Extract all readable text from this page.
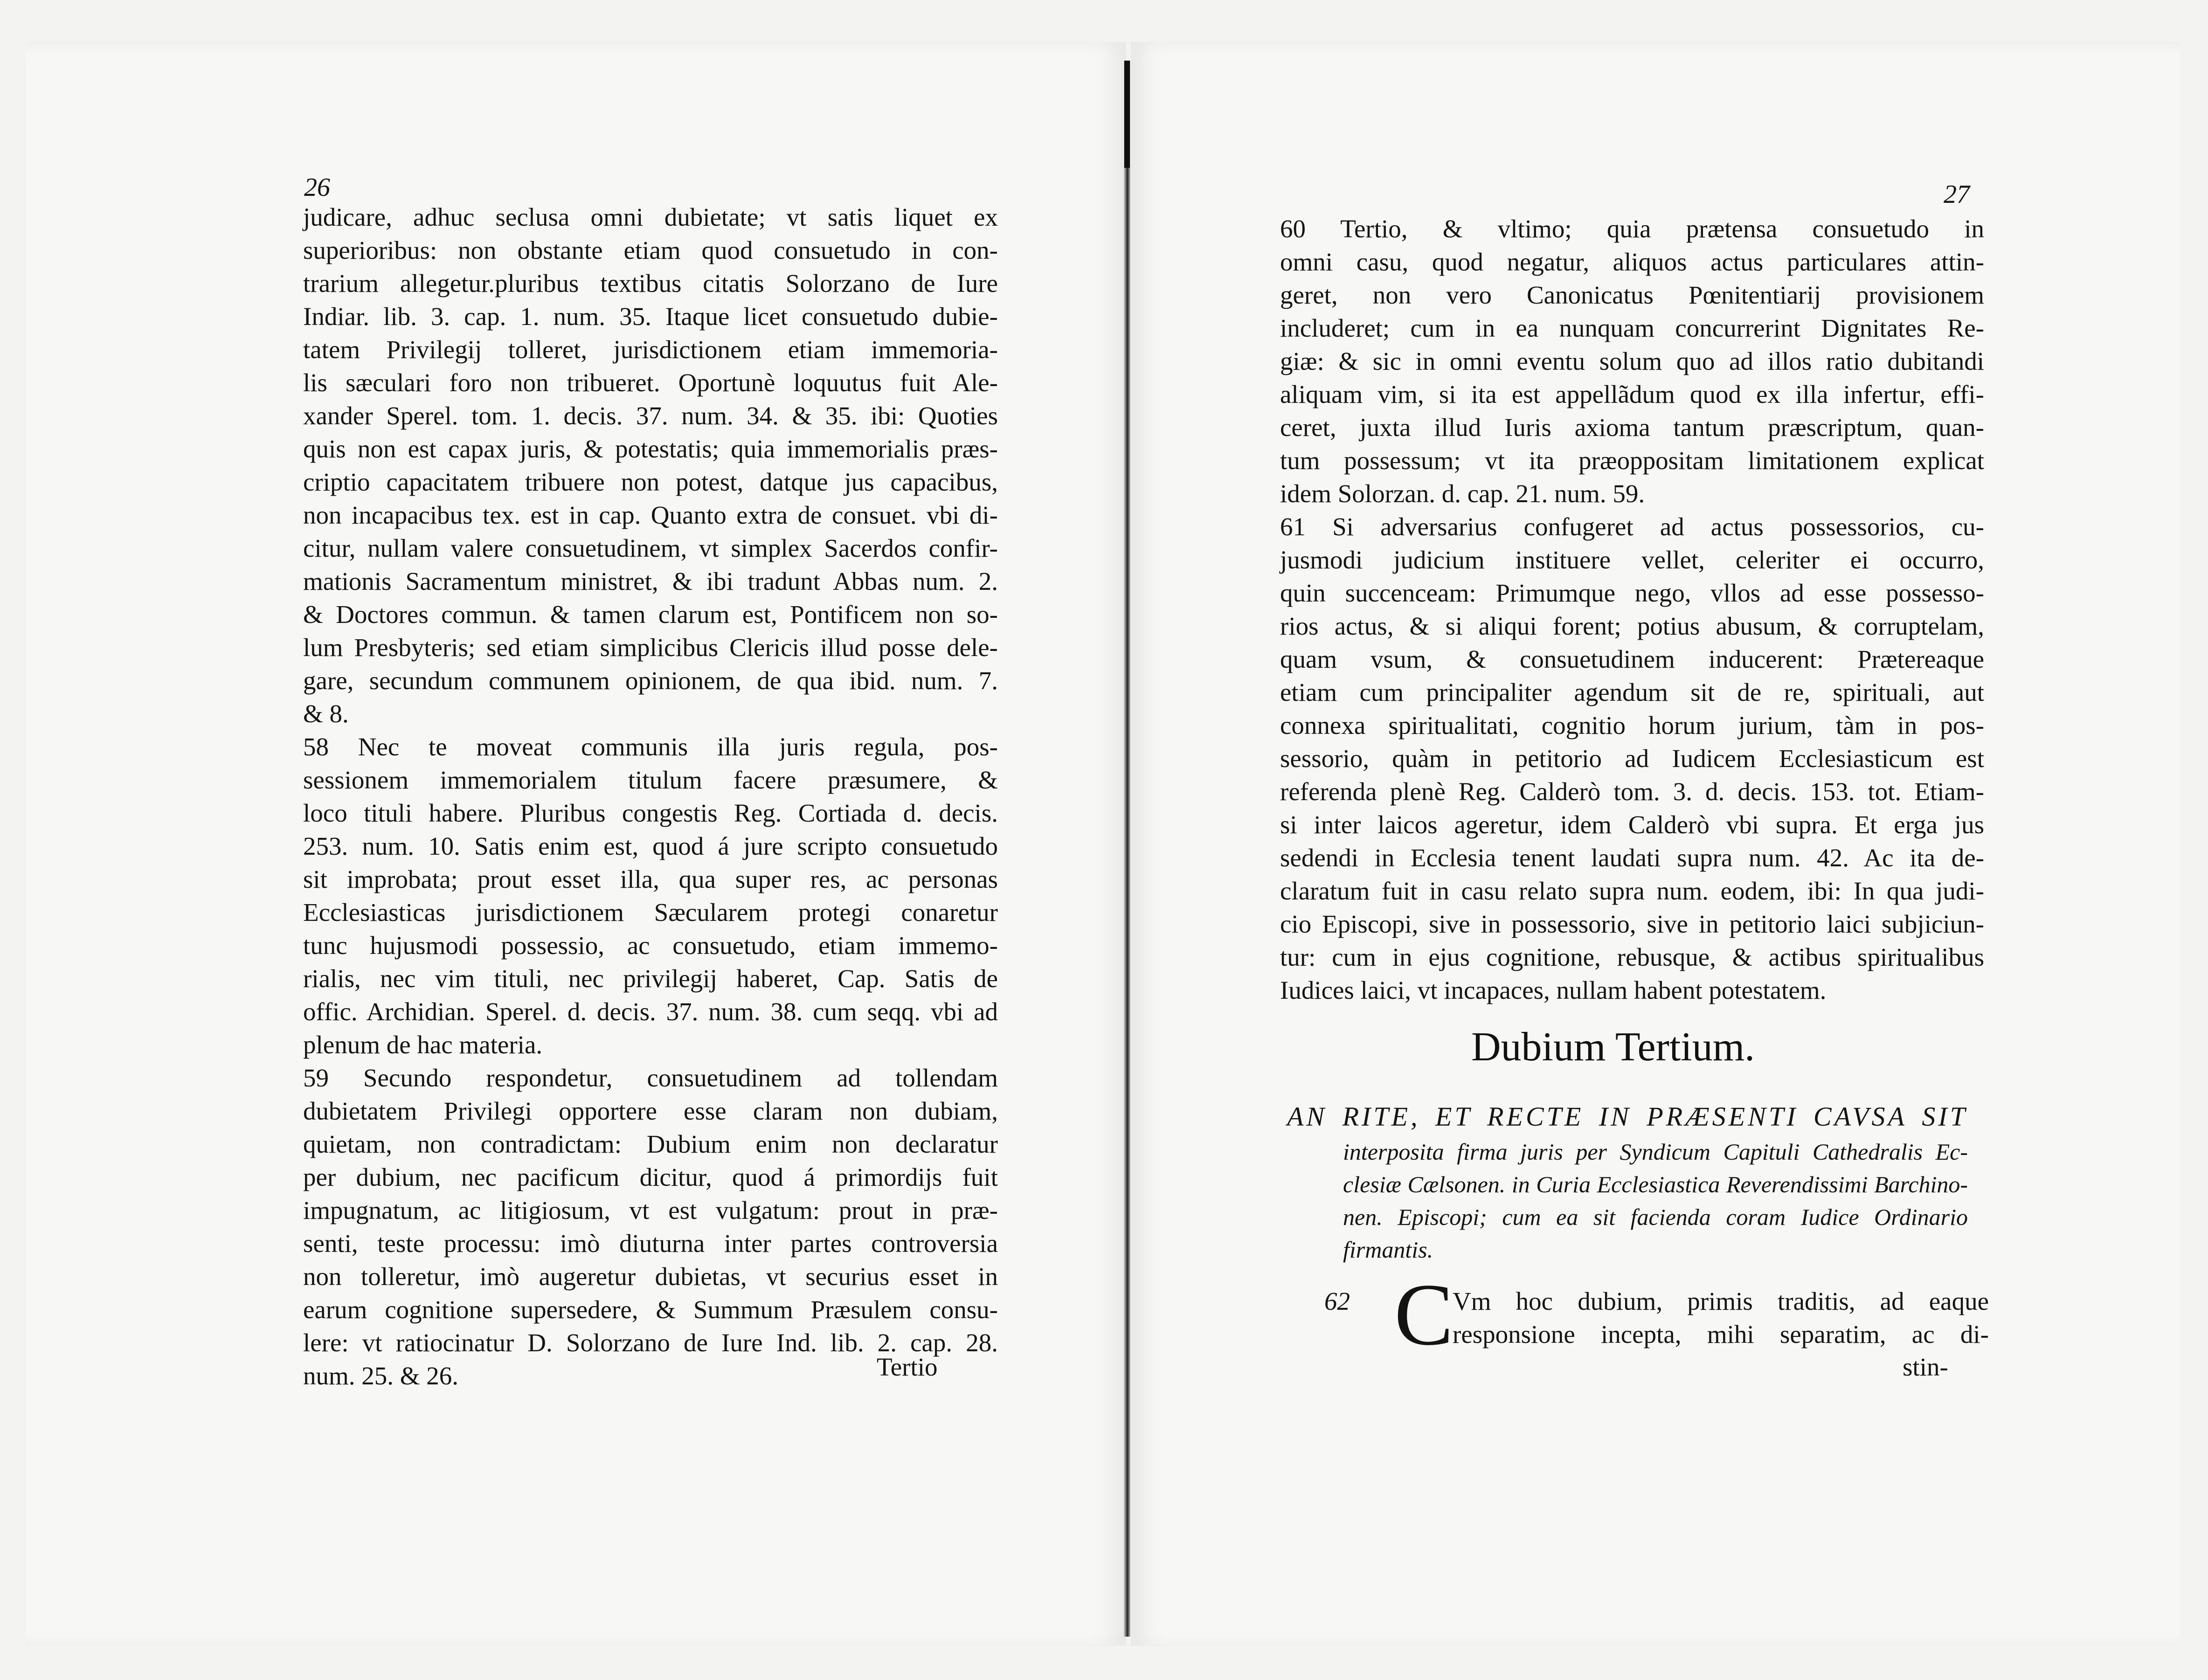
26
judicare, adhuc seclusa omni dubietate; vt satis liquet ex
superioribus: non obstante etiam quod consuetudo in con-
trarium allegetur.pluribus textibus citatis Solorzano de Iure
Indiar. lib. 3. cap. 1. num. 35. Itaque licet consuetudo dubie-
tatem Privilegij tolleret, jurisdictionem etiam immemoria-
lis sæculari foro non tribueret. Oportunè loquutus fuit Ale-
xander Sperel. tom. 1. decis. 37. num. 34. & 35. ibi: Quoties
quis non est capax juris, & potestatis; quia immemorialis præs-
criptio capacitatem tribuere non potest, datque jus capacibus,
non incapacibus tex. est in cap. Quanto extra de consuet. vbi di-
citur, nullam valere consuetudinem, vt simplex Sacerdos confir-
mationis Sacramentum ministret, & ibi tradunt Abbas num. 2.
& Doctores commun. & tamen clarum est, Pontificem non so-
lum Presbyteris; sed etiam simplicibus Clericis illud posse dele-
gare, secundum communem opinionem, de qua ibid. num. 7.
& 8.
58 Nec te moveat communis illa juris regula, pos-
sessionem immemorialem titulum facere præsumere, &
loco tituli habere. Pluribus congestis Reg. Cortiada d. decis.
253. num. 10. Satis enim est, quod á jure scripto consuetudo
sit improbata; prout esset illa, qua super res, ac personas
Ecclesiasticas jurisdictionem Sæcularem protegi conaretur
tunc hujusmodi possessio, ac consuetudo, etiam immemo-
rialis, nec vim tituli, nec privilegij haberet, Cap. Satis de
offic. Archidian. Sperel. d. decis. 37. num. 38. cum seqq. vbi ad
plenum de hac materia.
59 Secundo respondetur, consuetudinem ad tollendam
dubietatem Privilegi opportere esse claram non dubiam,
quietam, non contradictam: Dubium enim non declaratur
per dubium, nec pacificum dicitur, quod á primordijs fuit
impugnatum, ac litigiosum, vt est vulgatum: prout in præ-
senti, teste processu: imò diuturna inter partes controversia
non tolleretur, imò augeretur dubietas, vt securius esset in
earum cognitione supersedere, & Summum Præsulem consu-
lere: vt ratiocinatur D. Solorzano de Iure Ind. lib. 2. cap. 28.
num. 25. & 26.	Tertio
27
60 Tertio, & vltimo; quia prætensa consuetudo in
omni casu, quod negatur, aliquos actus particulares attin-
geret, non vero Canonicatus Pœnitentiarij provisionem
includeret; cum in ea nunquam concurrerint Dignitates Re-
giæ: & sic in omni eventu solum quo ad illos ratio dubitandi
aliquam vim, si ita est appellãdum quod ex illa infertur, effi-
ceret, juxta illud Iuris axioma tantum præscriptum, quan-
tum possessum; vt ita præoppositam limitationem explicat
idem Solorzan. d. cap. 21. num. 59.
61 Si adversarius confugeret ad actus possessorios, cu-
jusmodi judicium instituere vellet, celeriter ei occurro,
quin succenceam: Primumque nego, vllos ad esse possesso-
rios actus, & si aliqui forent; potius abusum, & corruptelam,
quam vsum, & consuetudinem inducerent: Prætereaque
etiam cum principaliter agendum sit de re, spirituali, aut
connexa spiritualitati, cognitio horum jurium, tàm in pos-
sessorio, quàm in petitorio ad Iudicem Ecclesiasticum est
referenda plenè Reg. Calderò tom. 3. d. decis. 153. tot. Etiam-
si inter laicos ageretur, idem Calderò vbi supra. Et erga jus
sedendi in Ecclesia tenent laudati supra num. 42. Ac ita de-
claratum fuit in casu relato supra num. eodem, ibi: In qua judi-
cio Episcopi, sive in possessorio, sive in petitorio laici subjiciun-
tur: cum in ejus cognitione, rebusque, & actibus spiritualibus
Iudices laici, vt incapaces, nullam habent potestatem.
Dubium Tertium.
AN RITE, ET RECTE IN PRÆSENTI CAVSA SIT
interposita firma juris per Syndicum Capituli Cathedralis Ec-
clesiæ Cælsonen. in Curia Ecclesiastica Reverendissimi Barchino-
nen. Episcopi; cum ea sit facienda coram Iudice Ordinario
firmantis.
62 C
Vm hoc dubium, primis traditis, ad eaque
responsione incepta, mihi separatim, ac di-
stin-
